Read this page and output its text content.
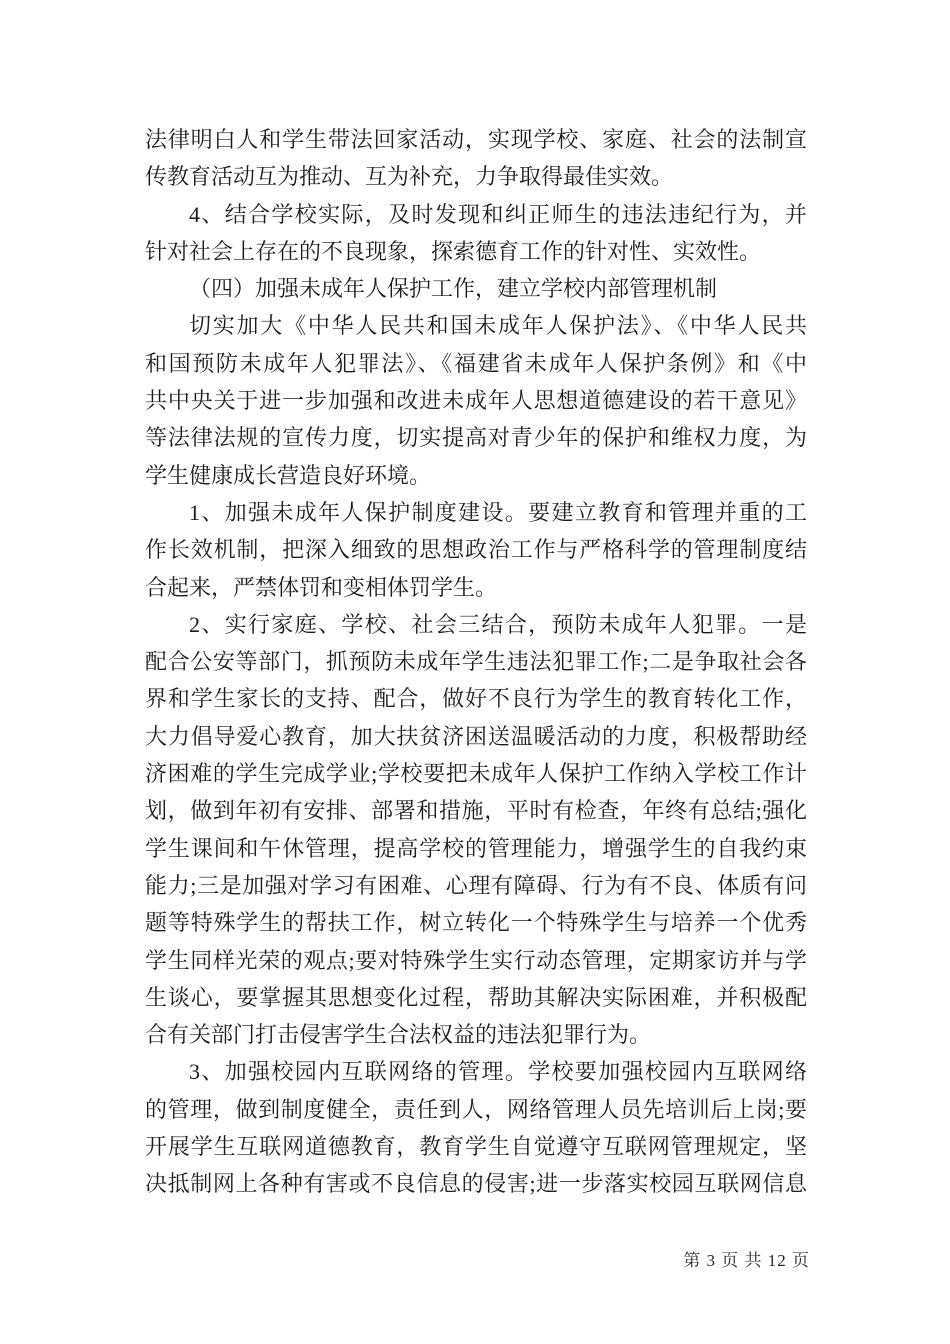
法律明白人和学生带法回家活动，实现学校、家庭、社会的法制宣
传教育活动互为推动、互为补充，力争取得最佳实效。
4、结合学校实际，及时发现和纠正师生的违法违纪行为，并
针对社会上存在的不良现象，探索德育工作的针对性、实效性。
（四）加强未成年人保护工作，建立学校内部管理机制
切实加大《中华人民共和国未成年人保护法》、《中华人民共
和国预防未成年人犯罪法》、《福建省未成年人保护条例》和《中
共中央关于进一步加强和改进未成年人思想道德建设的若干意见》
等法律法规的宣传力度，切实提高对青少年的保护和维权力度，为
学生健康成长营造良好环境。
1、加强未成年人保护制度建设。要建立教育和管理并重的工
作长效机制，把深入细致的思想政治工作与严格科学的管理制度结
合起来，严禁体罚和变相体罚学生。
2、实行家庭、学校、社会三结合，预防未成年人犯罪。一是
配合公安等部门，抓预防未成年学生违法犯罪工作;二是争取社会各
界和学生家长的支持、配合，做好不良行为学生的教育转化工作，
大力倡导爱心教育，加大扶贫济困送温暖活动的力度，积极帮助经
济困难的学生完成学业;学校要把未成年人保护工作纳入学校工作计
划，做到年初有安排、部署和措施，平时有检查，年终有总结;强化
学生课间和午休管理，提高学校的管理能力，增强学生的自我约束
能力;三是加强对学习有困难、心理有障碍、行为有不良、体质有问
题等特殊学生的帮扶工作，树立转化一个特殊学生与培养一个优秀
学生同样光荣的观点;要对特殊学生实行动态管理，定期家访并与学
生谈心，要掌握其思想变化过程，帮助其解决实际困难，并积极配
合有关部门打击侵害学生合法权益的违法犯罪行为。
3、加强校园内互联网络的管理。学校要加强校园内互联网络
的管理，做到制度健全，责任到人，网络管理人员先培训后上岗;要
开展学生互联网道德教育，教育学生自觉遵守互联网管理规定，坚
决抵制网上各种有害或不良信息的侵害;进一步落实校园互联网信息
第 3 页 共 12 页
